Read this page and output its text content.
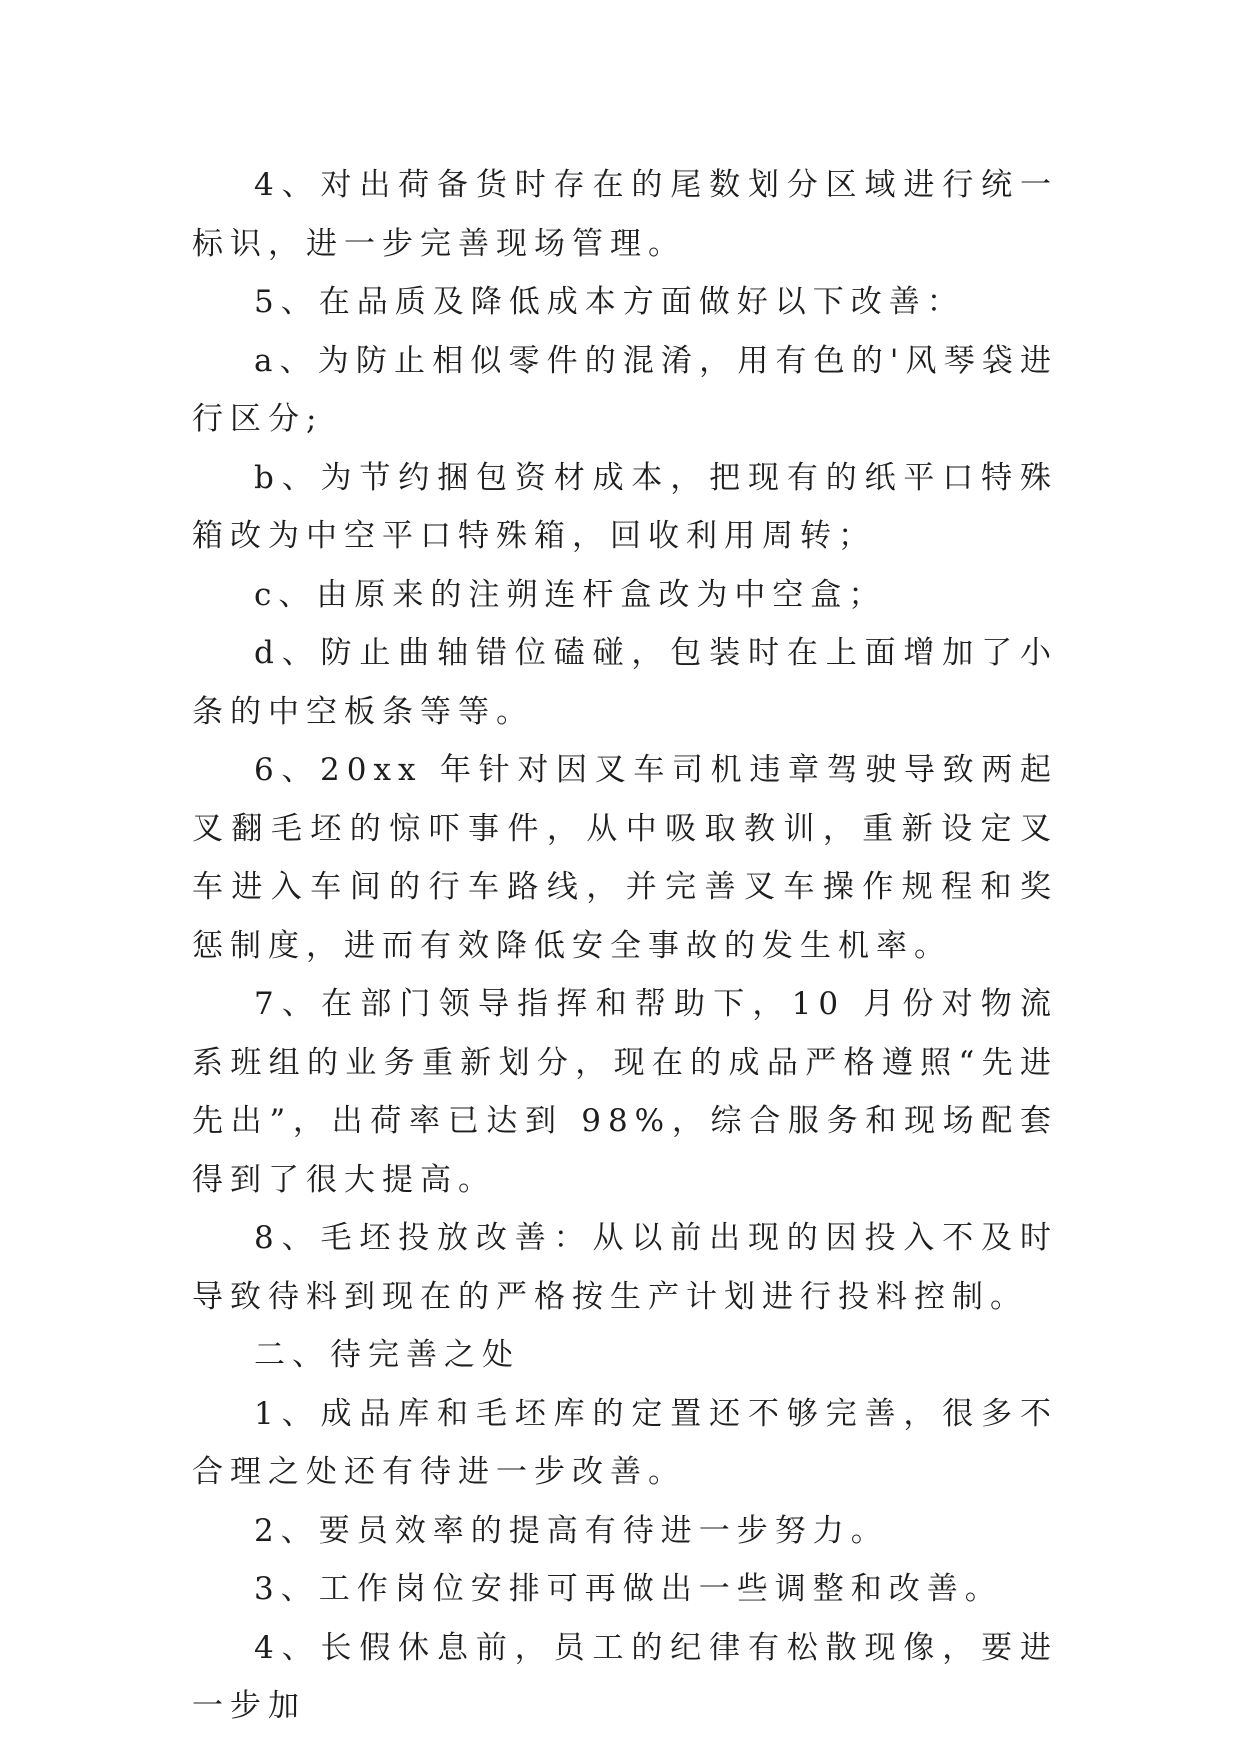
4、对出荷备货时存在的尾数划分区域进行统一标识，进一步完善现场管理。

5、在品质及降低成本方面做好以下改善：

a、为防止相似零件的混淆，用有色的'风琴袋进行区分;

b、为节约捆包资材成本，把现有的纸平口特殊箱改为中空平口特殊箱，回收利用周转；

c、由原来的注朔连杆盒改为中空盒；

d、防止曲轴错位磕碰，包装时在上面增加了小条的中空板条等等。

6、20xx 年针对因叉车司机违章驾驶导致两起叉翻毛坯的惊吓事件，从中吸取教训，重新设定叉车进入车间的行车路线，并完善叉车操作规程和奖惩制度，进而有效降低安全事故的发生机率。

7、在部门领导指挥和帮助下，10 月份对物流系班组的业务重新划分，现在的成品严格遵照“先进先出”，出荷率已达到 98%，综合服务和现场配套得到了很大提高。

8、毛坯投放改善：从以前出现的因投入不及时导致待料到现在的严格按生产计划进行投料控制。

二、待完善之处

1、成品库和毛坯库的定置还不够完善，很多不合理之处还有待进一步改善。

2、要员效率的提高有待进一步努力。

3、工作岗位安排可再做出一些调整和改善。

4、长假休息前，员工的纪律有松散现像，要进一步加
